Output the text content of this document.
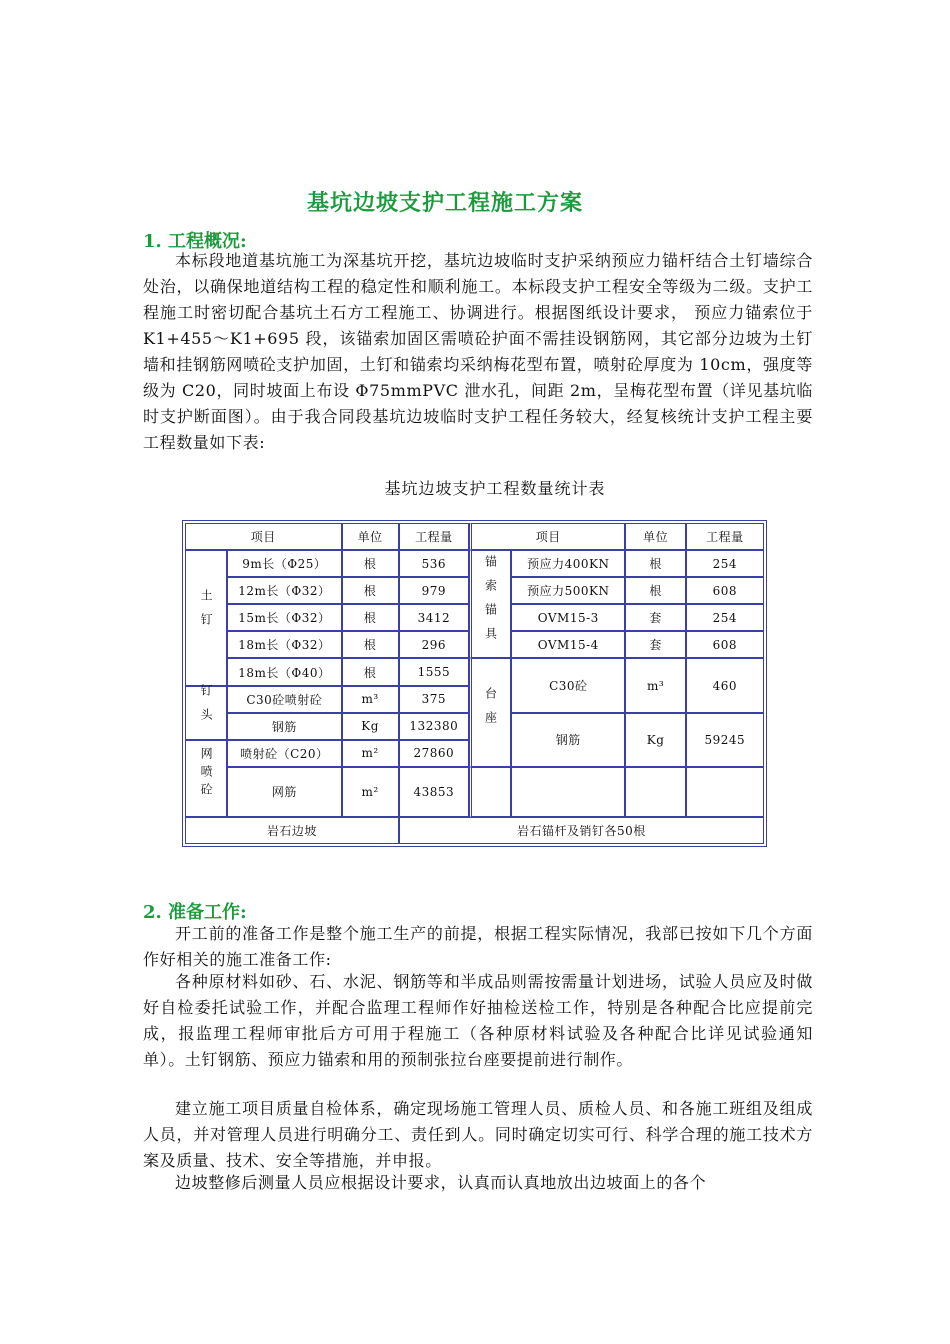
基坑边坡支护工程施工方案
1. 工程概况:
本标段地道基坑施工为深基坑开挖，基坑边坡临时支护采纳预应力锚杆结合土钉墙综合处治，以确保地道结构工程的稳定性和顺利施工。本标段支护工程安全等级为二级。支护工程施工时密切配合基坑土石方工程施工、协调进行。根据图纸设计要求， 预应力锚索位于 K1+455～K1+695 段，该锚索加固区需喷砼护面不需挂设钢筋网，其它部分边坡为土钉墙和挂钢筋网喷砼支护加固，土钉和锚索均采纳梅花型布置，喷射砼厚度为 10cm，强度等级为 C20，同时坡面上布设 Φ75mmPVC 泄水孔，间距 2m，呈梅花型布置（详见基坑临时支护断面图）。由于我合同段基坑边坡临时支护工程任务较大，经复核统计支护工程主要工程数量如下表:
基坑边坡支护工程数量统计表
项目		单位	工程量	项目		单位	工程量
土钉	9m长（Φ25）	根	536	锚索锚具	预应力400KN	根	254
	12m长（Φ32）	根	979		预应力500KN	根	608
	15m长（Φ32）	根	3412		OVM15-3	套	254
	18m长（Φ32）	根	296		OVM15-4	套	608
	18m长（Φ40）	根	1555	台座	C30砼	m³	460
钉头	C30砼喷射砼	m³	375				
	钢筋	Kg	132380		钢筋	Kg	59245
网喷砼	喷射砼（C20）	m²	27860				
	网筋	m²	43853				
岩石边坡			岩石锚杆及销钉各50根				
2. 准备工作:
开工前的准备工作是整个施工生产的前提，根据工程实际情况，我部已按如下几个方面作好相关的施工准备工作:
各种原材料如砂、石、水泥、钢筋等和半成品则需按需量计划进场，试验人员应及时做好自检委托试验工作，并配合监理工程师作好抽检送检工作，特别是各种配合比应提前完成，报监理工程师审批后方可用于程施工（各种原材料试验及各种配合比详见试验通知单）。土钉钢筋、预应力锚索和用的预制张拉台座要提前进行制作。
建立施工项目质量自检体系，确定现场施工管理人员、质检人员、和各施工班组及组成人员，并对管理人员进行明确分工、责任到人。同时确定切实可行、科学合理的施工技术方案及质量、技术、安全等措施，并申报。
边坡整修后测量人员应根据设计要求，认真而认真地放出边坡面上的各个
